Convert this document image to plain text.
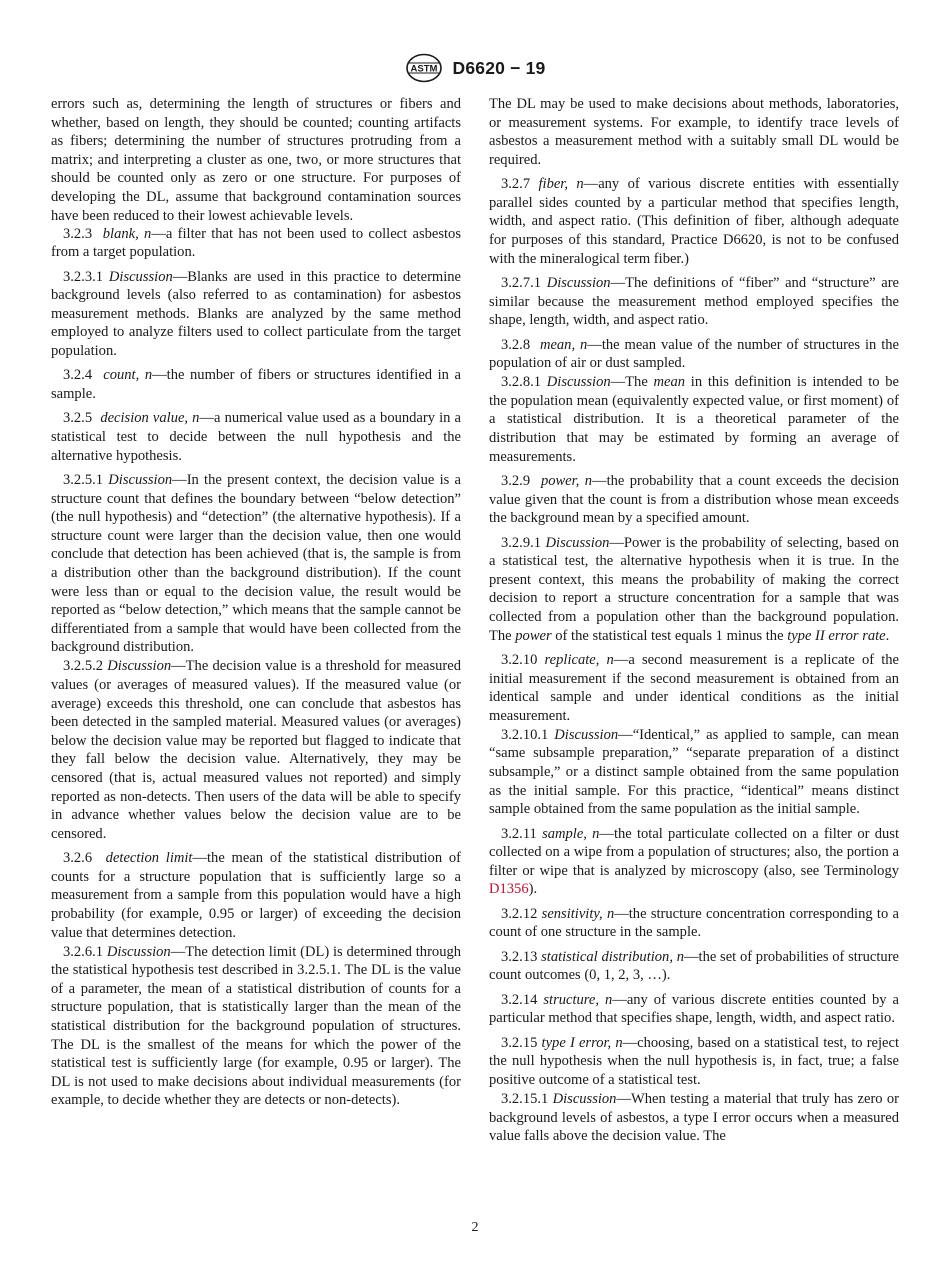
ASTM D6620 − 19

errors such as, determining the length of structures or fibers and whether, based on length, they should be counted; counting artifacts as fibers; determining the number of structures protruding from a matrix; and interpreting a cluster as one, two, or more structures that should be counted only as zero or one structure. For purposes of developing the DL, assume that background contamination sources have been reduced to their lowest achievable levels.

3.2.3 blank, n—a filter that has not been used to collect asbestos from a target population.

3.2.3.1 Discussion—Blanks are used in this practice to determine background levels (also referred to as contamination) for asbestos measurement methods. Blanks are analyzed by the same method employed to analyze filters used to collect particulate from the target population.

3.2.4 count, n—the number of fibers or structures identified in a sample.

3.2.5 decision value, n—a numerical value used as a boundary in a statistical test to decide between the null hypothesis and the alternative hypothesis.

3.2.5.1 Discussion—In the present context, the decision value is a structure count that defines the boundary between “below detection” (the null hypothesis) and “detection” (the alternative hypothesis). If a structure count were larger than the decision value, then one would conclude that detection has been achieved (that is, the sample is from a distribution other than the background distribution). If the count were less than or equal to the decision value, the result would be reported as “below detection,” which means that the sample cannot be differentiated from a sample that would have been collected from the background distribution.

3.2.5.2 Discussion—The decision value is a threshold for measured values (or averages of measured values). If the measured value (or average) exceeds this threshold, one can conclude that asbestos has been detected in the sampled material. Measured values (or averages) below the decision value may be reported but flagged to indicate that they fall below the decision value. Alternatively, they may be censored (that is, actual measured values not reported) and simply reported as non-detects. Then users of the data will be able to specify in advance whether values below the decision value are to be censored.

3.2.6 detection limit—the mean of the statistical distribution of counts for a structure population that is sufficiently large so a measurement from a sample from this population would have a high probability (for example, 0.95 or larger) of exceeding the decision value that determines detection.

3.2.6.1 Discussion—The detection limit (DL) is determined through the statistical hypothesis test described in 3.2.5.1. The DL is the value of a parameter, the mean of a statistical distribution of counts for a structure population, that is statistically larger than the mean of the statistical distribution for the background population of structures. The DL is the smallest of the means for which the power of the statistical test is sufficiently large (for example, 0.95 or larger). The DL is not used to make decisions about individual measurements (for example, to decide whether they are detects or non-detects).

The DL may be used to make decisions about methods, laboratories, or measurement systems. For example, to identify trace levels of asbestos a measurement method with a suitably small DL would be required.

3.2.7 fiber, n—any of various discrete entities with essentially parallel sides counted by a particular method that specifies length, width, and aspect ratio. (This definition of fiber, although adequate for purposes of this standard, Practice D6620, is not to be confused with the mineralogical term fiber.)

3.2.7.1 Discussion—The definitions of “fiber” and “structure” are similar because the measurement method employed specifies the shape, length, width, and aspect ratio.

3.2.8 mean, n—the mean value of the number of structures in the population of air or dust sampled.

3.2.8.1 Discussion—The mean in this definition is intended to be the population mean (equivalently expected value, or first moment) of a statistical distribution. It is a theoretical parameter of the distribution that may be estimated by forming an average of measurements.

3.2.9 power, n—the probability that a count exceeds the decision value given that the count is from a distribution whose mean exceeds the background mean by a specified amount.

3.2.9.1 Discussion—Power is the probability of selecting, based on a statistical test, the alternative hypothesis when it is true. In the present context, this means the probability of making the correct decision to report a structure concentration for a sample that was collected from a population other than the background population. The power of the statistical test equals 1 minus the type II error rate.

3.2.10 replicate, n—a second measurement is a replicate of the initial measurement if the second measurement is obtained from an identical sample and under identical conditions as the initial measurement.

3.2.10.1 Discussion—“Identical,” as applied to sample, can mean “same subsample preparation,” “separate preparation of a distinct subsample,” or a distinct sample obtained from the same population as the initial sample. For this practice, “identical” means distinct sample obtained from the same population as the initial sample.

3.2.11 sample, n—the total particulate collected on a filter or dust collected on a wipe from a population of structures; also, the portion a filter or wipe that is analyzed by microscopy (also, see Terminology D1356).

3.2.12 sensitivity, n—the structure concentration corresponding to a count of one structure in the sample.

3.2.13 statistical distribution, n—the set of probabilities of structure count outcomes (0, 1, 2, 3, …).

3.2.14 structure, n—any of various discrete entities counted by a particular method that specifies shape, length, width, and aspect ratio.

3.2.15 type I error, n—choosing, based on a statistical test, to reject the null hypothesis when the null hypothesis is, in fact, true; a false positive outcome of a statistical test.

3.2.15.1 Discussion—When testing a material that truly has zero or background levels of asbestos, a type I error occurs when a measured value falls above the decision value. The

2
